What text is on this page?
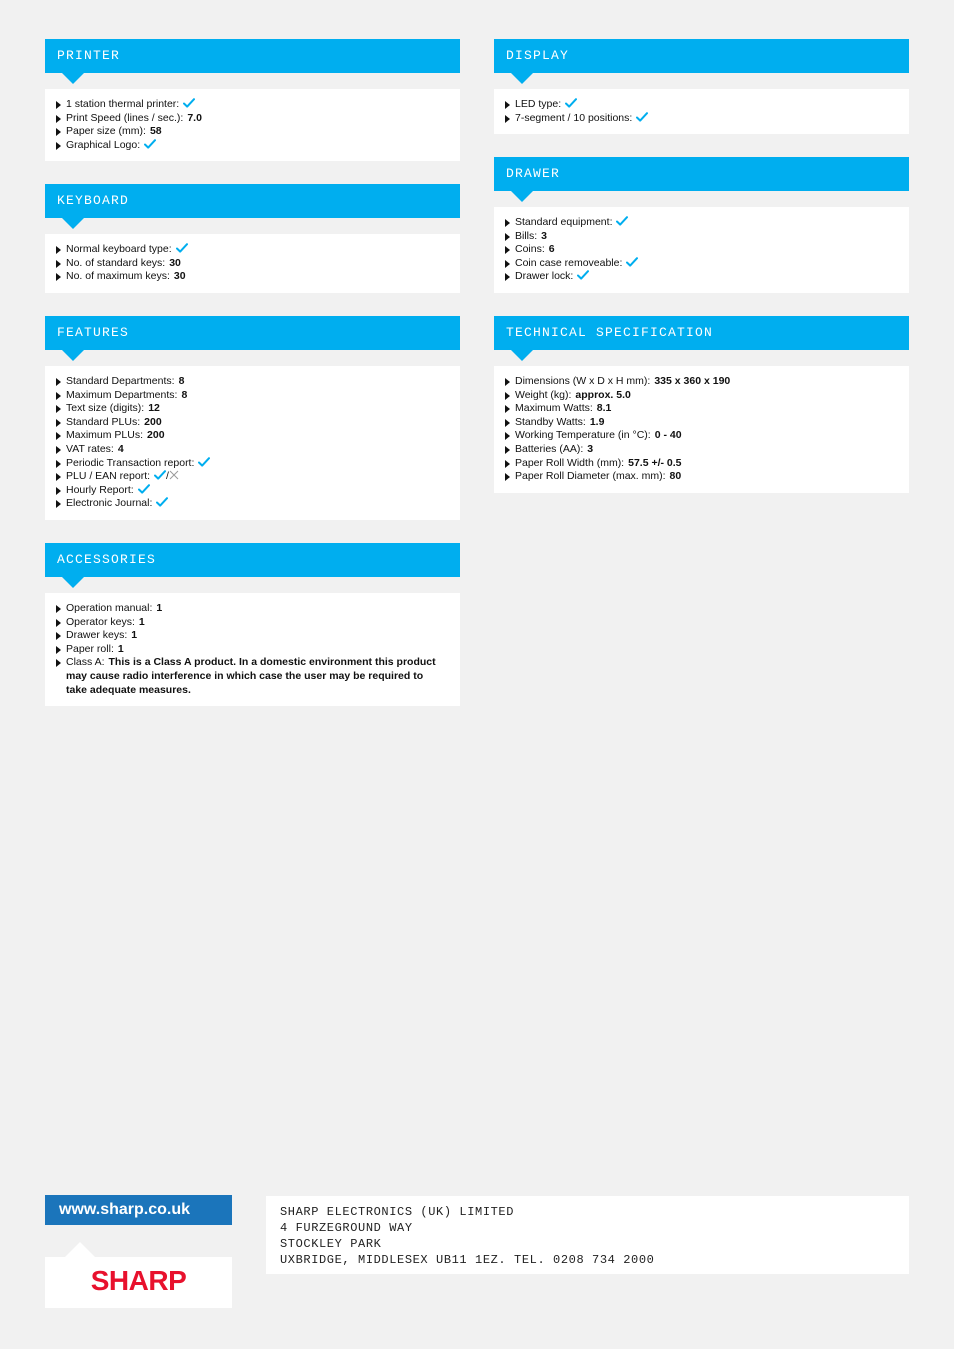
PRINTER
1 station thermal printer:
Print Speed (lines / sec.): 7.0
Paper size (mm): 58
Graphical Logo:
KEYBOARD
Normal keyboard type:
No. of standard keys: 30
No. of maximum keys: 30
FEATURES
Standard Departments: 8
Maximum Departments: 8
Text size (digits): 12
Standard PLUs: 200
Maximum PLUs: 200
VAT rates: 4
Periodic Transaction report:
PLU / EAN report: /
Hourly Report:
Electronic Journal:
ACCESSORIES
Operation manual: 1
Operator keys: 1
Drawer keys: 1
Paper roll: 1
Class A: This is a Class A product. In a domestic environment this product may cause radio interference in which case the user may be required to take adequate measures.
DISPLAY
LED type:
7-segment / 10 positions:
DRAWER
Standard equipment:
Bills: 3
Coins: 6
Coin case removeable:
Drawer lock:
TECHNICAL SPECIFICATION
Dimensions (W x D x H mm): 335 x 360 x 190
Weight (kg): approx. 5.0
Maximum Watts: 8.1
Standby Watts: 1.9
Working Temperature (in °C): 0 - 40
Batteries (AA): 3
Paper Roll Width (mm): 57.5 +/- 0.5
Paper Roll Diameter (max. mm): 80
www.sharp.co.uk
SHARP
SHARP ELECTRONICS (UK) LIMITED
4 FURZEGROUND WAY
STOCKLEY PARK
UXBRIDGE, MIDDLESEX UB11 1EZ. TEL. 0208 734 2000
